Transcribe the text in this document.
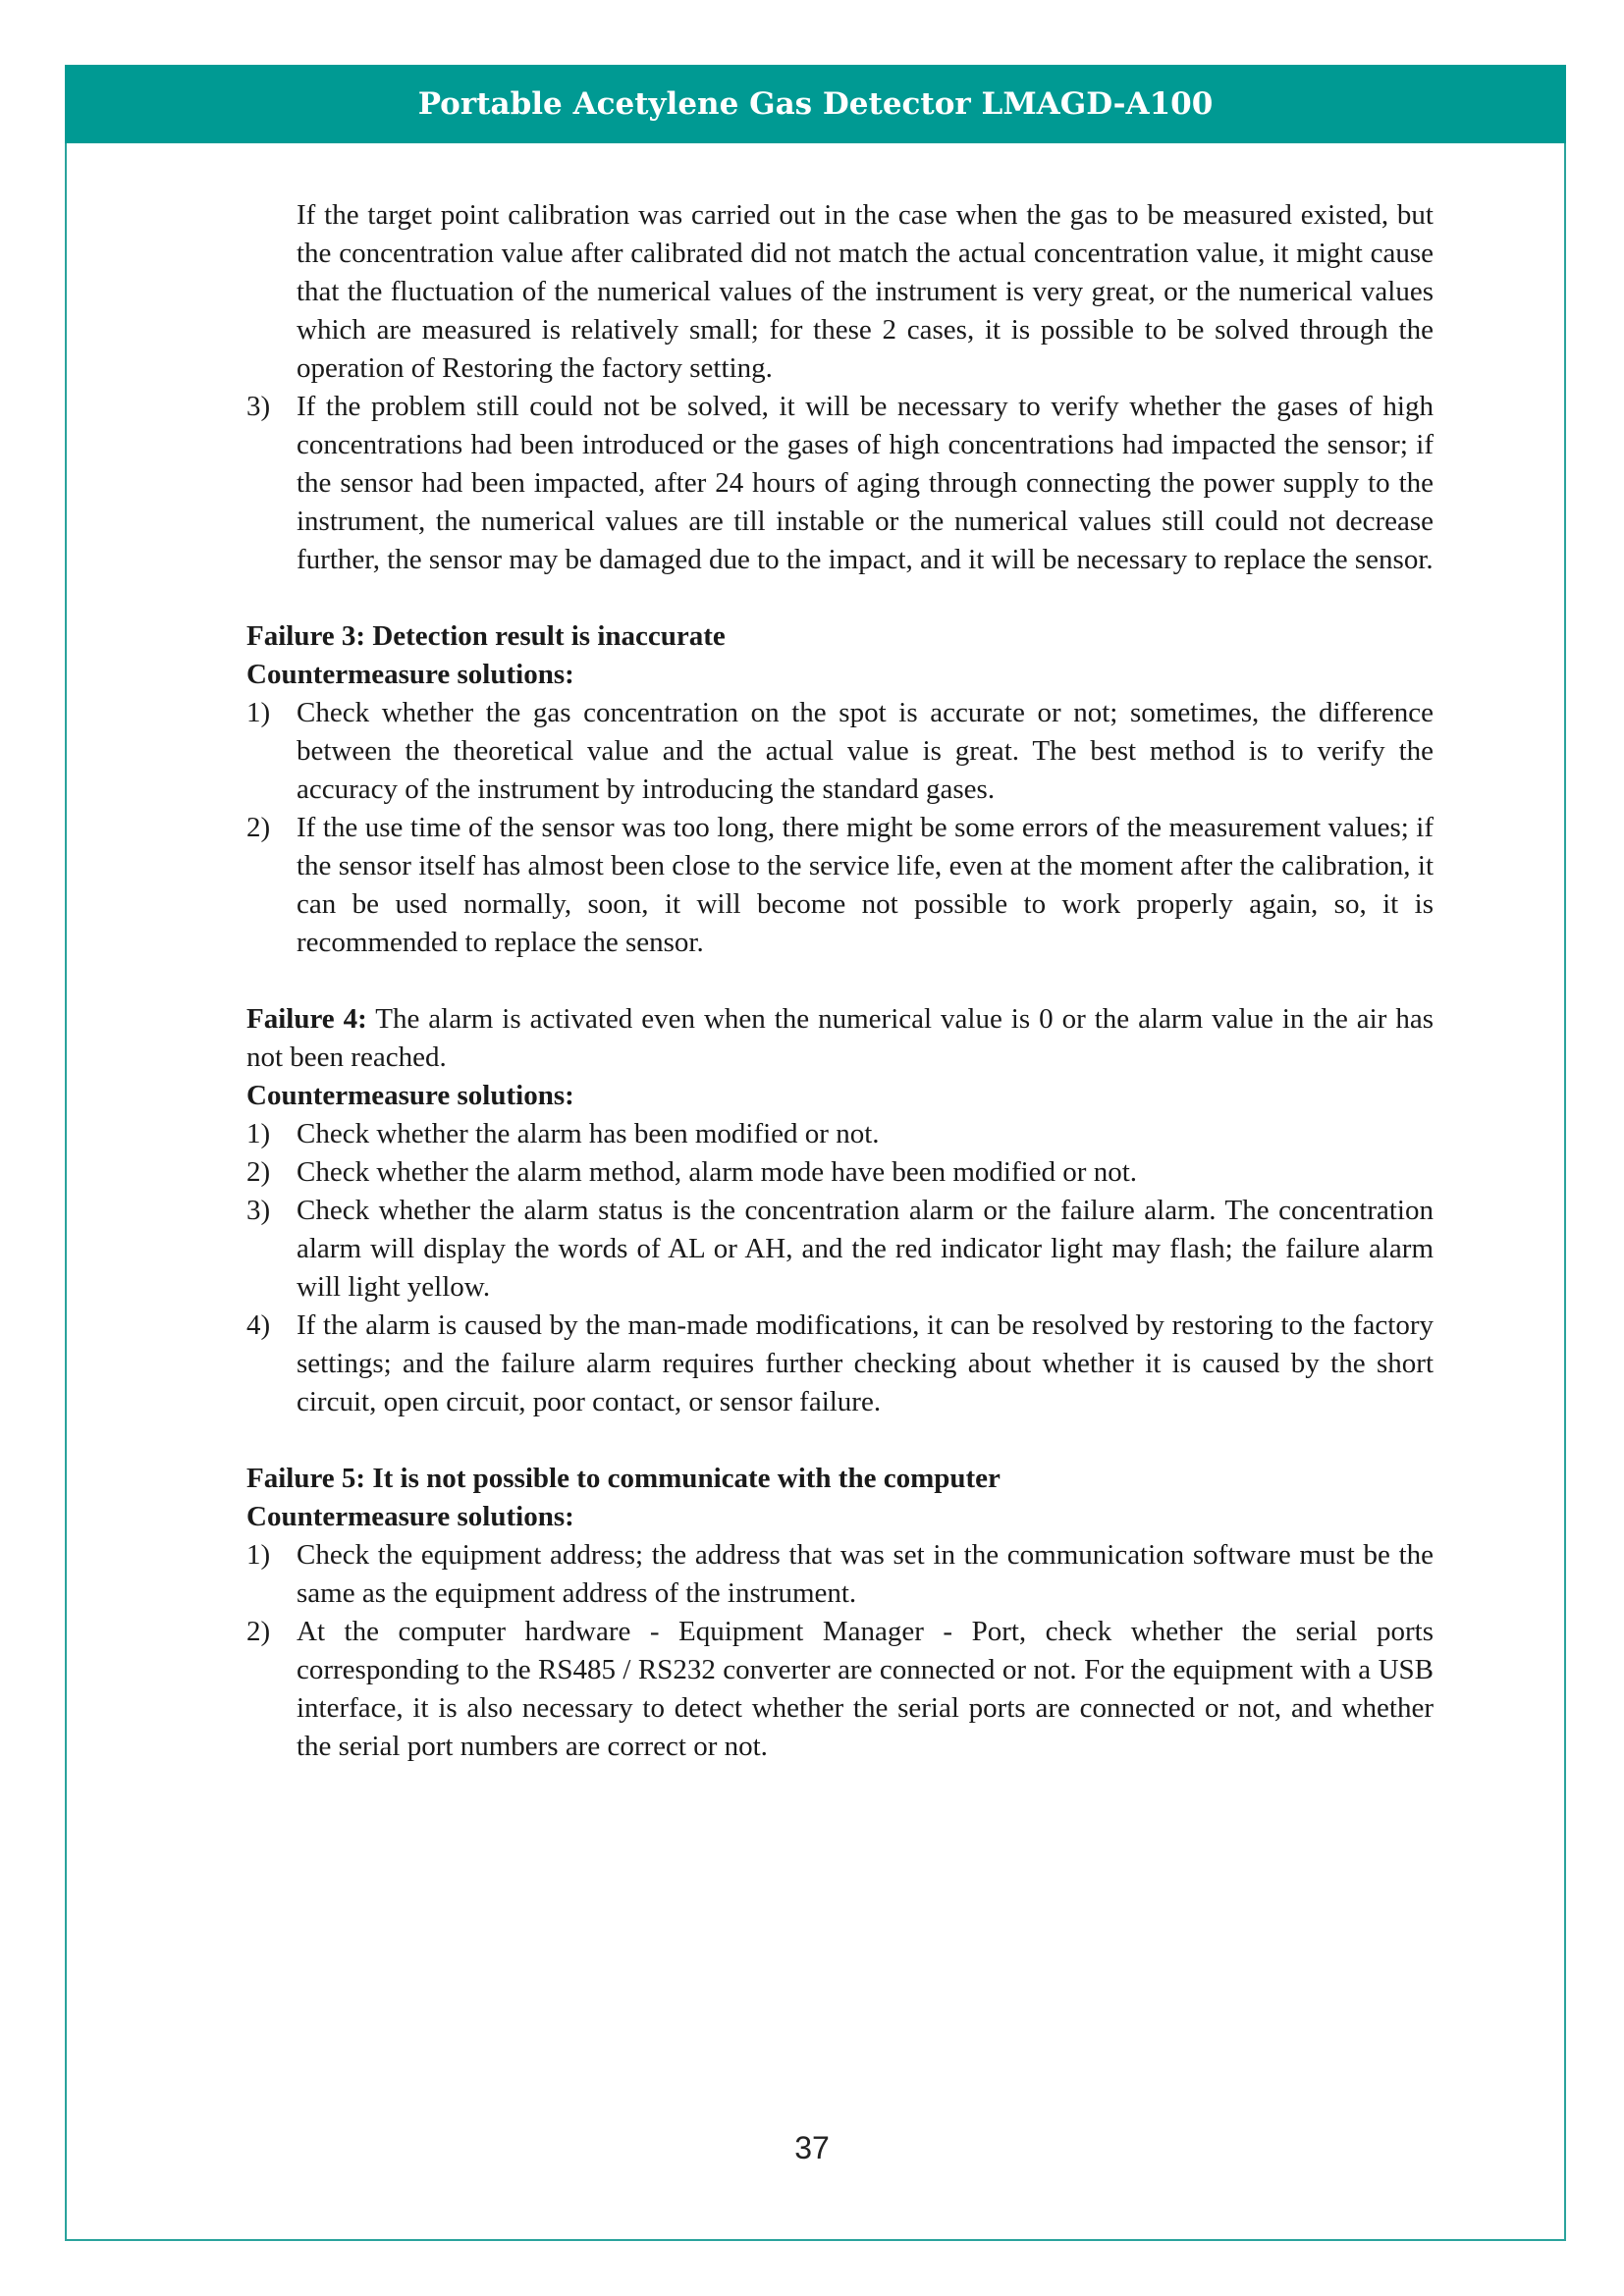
Portable Acetylene Gas Detector LMAGD-A100

If the target point calibration was carried out in the case when the gas to be measured existed, but the concentration value after calibrated did not match the actual concentration value, it might cause that the fluctuation of the numerical values of the instrument is very great, or the numerical values which are measured is relatively small; for these 2 cases, it is possible to be solved through the operation of Restoring the factory setting.

3) If the problem still could not be solved, it will be necessary to verify whether the gases of high concentrations had been introduced or the gases of high concentrations had impacted the sensor; if the sensor had been impacted, after 24 hours of aging through connecting the power supply to the instrument, the numerical values are till instable or the numerical values still could not decrease further, the sensor may be damaged due to the impact, and it will be necessary to replace the sensor.

Failure 3: Detection result is inaccurate

Countermeasure solutions:

1) Check whether the gas concentration on the spot is accurate or not; sometimes, the difference between the theoretical value and the actual value is great. The best method is to verify the accuracy of the instrument by introducing the standard gases.
2) If the use time of the sensor was too long, there might be some errors of the measurement values; if the sensor itself has almost been close to the service life, even at the moment after the calibration, it can be used normally, soon, it will become not possible to work properly again, so, it is recommended to replace the sensor.

Failure 4: The alarm is activated even when the numerical value is 0 or the alarm value in the air has not been reached.

Countermeasure solutions:

1) Check whether the alarm has been modified or not.
2) Check whether the alarm method, alarm mode have been modified or not.
3) Check whether the alarm status is the concentration alarm or the failure alarm. The concentration alarm will display the words of AL or AH, and the red indicator light may flash; the failure alarm will light yellow.
4) If the alarm is caused by the man-made modifications, it can be resolved by restoring to the factory settings; and the failure alarm requires further checking about whether it is caused by the short circuit, open circuit, poor contact, or sensor failure.

Failure 5: It is not possible to communicate with the computer

Countermeasure solutions:

1) Check the equipment address; the address that was set in the communication software must be the same as the equipment address of the instrument.
2) At the computer hardware - Equipment Manager - Port, check whether the serial ports corresponding to the RS485 / RS232 converter are connected or not. For the equipment with a USB interface, it is also necessary to detect whether the serial ports are connected or not, and whether the serial port numbers are correct or not.
37
